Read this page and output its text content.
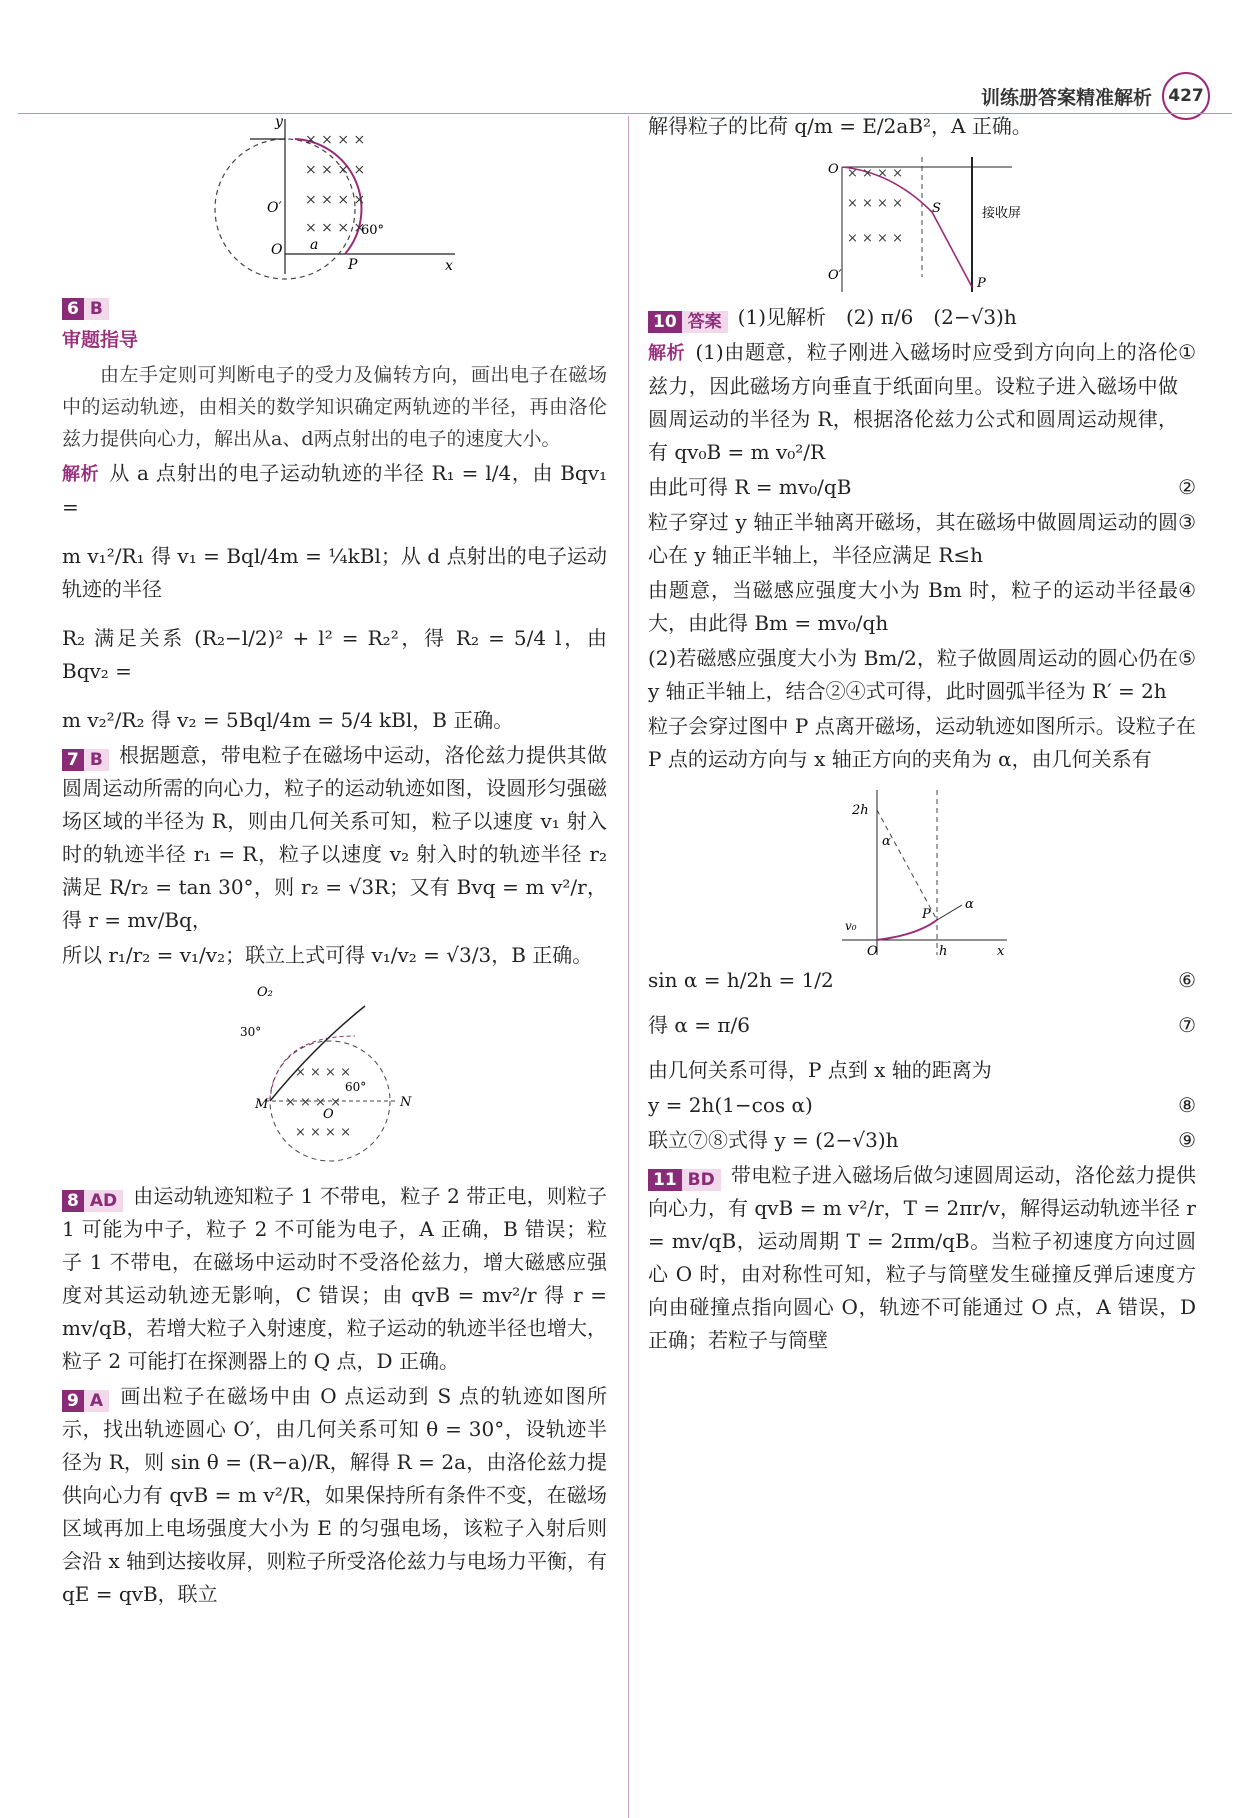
训练册答案精准解析 427
× × × ×
× × × ×
× × × ×
× × × ×
O′
O a
P
60°
x
y
6 B
审题指导
由左手定则可判断电子的受力及偏转方向，画出电子在磁场中的运动轨迹，由相关的数学知识确定两轨迹的半径，再由洛伦兹力提供向心力，解出从a、d两点射出的电子的速度大小。
解析 从 a 点射出的电子运动轨迹的半径 R₁ = l/4，由 Bqv₁ =
m v₁²/R₁ 得 v₁ = Bql/4m = ¼kBl；从 d 点射出的电子运动轨迹的半径
R₂ 满足关系 (R₂−l/2)² + l² = R₂²，得 R₂ = 5/4 l，由 Bqv₂ =
m v₂²/R₂ 得 v₂ = 5Bql/4m = 5/4 kBl，B 正确。
7 B 根据题意，带电粒子在磁场中运动，洛伦兹力提供其做圆周运动所需的向心力，粒子的运动轨迹如图，设圆形匀强磁场区域的半径为 R，则由几何关系可知，粒子以速度 v₁ 射入时的轨迹半径 r₁ = R，粒子以速度 v₂ 射入时的轨迹半径 r₂ 满足 R/r₂ = tan 30°，则 r₂ = √3R；又有 Bvq = m v²/r，得 r = mv/Bq，
所以 r₁/r₂ = v₁/v₂；联立上式可得 v₁/v₂ = √3/3，B 正确。
× × × ×
× × × ×
× × × ×
M	N
O
O₂
30°
60°
8 AD 由运动轨迹知粒子 1 不带电，粒子 2 带正电，则粒子 1 可能为中子，粒子 2 不可能为电子，A 正确，B 错误；粒子 1 不带电，在磁场中运动时不受洛伦兹力，增大磁感应强度对其运动轨迹无影响，C 错误；由 qvB = mv²/r 得 r = mv/qB，若增大粒子入射速度，粒子运动的轨迹半径也增大，粒子 2 可能打在探测器上的 Q 点，D 正确。
9 A 画出粒子在磁场中由 O 点运动到 S 点的轨迹如图所示，找出轨迹圆心 O′，由几何关系可知 θ = 30°，设轨迹半径为 R，则 sin θ = (R−a)/R，解得 R = 2a，由洛伦兹力提供向心力有 qvB = m v²/R，如果保持所有条件不变，在磁场区域再加上电场强度大小为 E 的匀强电场，该粒子入射后则会沿 x 轴到达接收屏，则粒子所受洛伦兹力与电场力平衡，有 qE = qvB，联立
解得粒子的比荷 q/m = E/2aB²，A 正确。
× × × ×
× × × ×
× × × ×
O
O′
P
接收屏
S
10 答案 (1)见解析　(2) π/6　(2−√3)h
解析 (1)由题意，粒子刚进入磁场时应受到方向向上的洛伦兹力，因此磁场方向垂直于纸面向里。设粒子进入磁场中做圆周运动的半径为 R，根据洛伦兹力公式和圆周运动规律，有 qv₀B = m v₀²/R
①
由此可得 R = mv₀/qB	②
粒子穿过 y 轴正半轴离开磁场，其在磁场中做圆周运动的圆心在 y 轴正半轴上，半径应满足 R≤h
③
由题意，当磁感应强度大小为 Bm 时，粒子的运动半径最大，由此得 Bm = mv₀/qh
④
(2)若磁感应强度大小为 Bm/2，粒子做圆周运动的圆心仍在 y 轴正半轴上，结合②④式可得，此时圆弧半径为 R′ = 2h
⑤
粒子会穿过图中 P 点离开磁场，运动轨迹如图所示。设粒子在 P 点的运动方向与 x 轴正方向的夹角为 α，由几何关系有
2h
α
P
α
O	h	x
v₀
sin α = h/2h = 1/2	⑥
得 α = π/6	⑦
由几何关系可得，P 点到 x 轴的距离为
y = 2h(1−cos α)	⑧
联立⑦⑧式得 y = (2−√3)h	⑨
11 BD 带电粒子进入磁场后做匀速圆周运动，洛伦兹力提供向心力，有 qvB = m v²/r，T = 2πr/v，解得运动轨迹半径 r = mv/qB，运动周期 T = 2πm/qB。当粒子初速度方向过圆心 O 时，由对称性可知，粒子与筒壁发生碰撞反弹后速度方向由碰撞点指向圆心 O，轨迹不可能通过 O 点，A 错误，D 正确；若粒子与筒壁
